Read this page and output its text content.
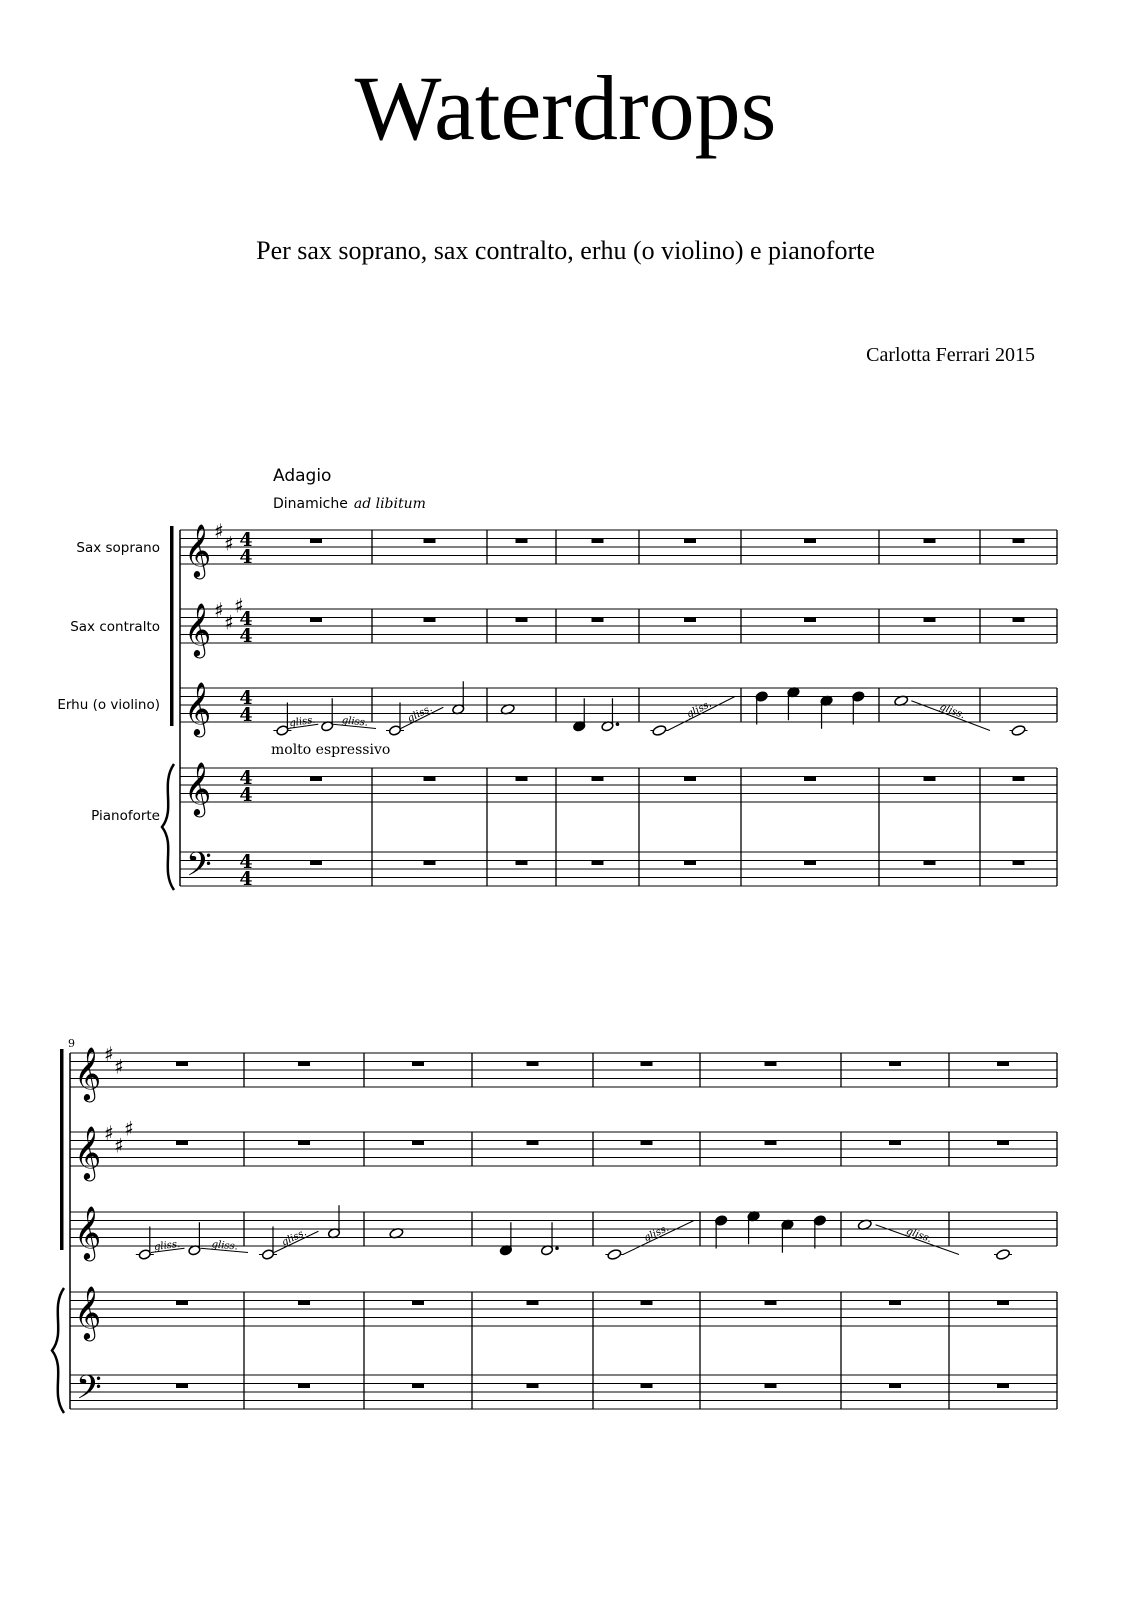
Waterdrops
Per sax soprano, sax contralto, erhu (o violino) e pianoforte
Carlotta Ferrari 2015
Adagio
Dinamiche ad libitum
molto espressivo
Sax soprano
Sax contralto
Erhu (o violino)
Pianoforte
𝄞
𝄞
𝄞
𝄞
𝄢
♯
♯
♯
♯
♯
4
4
4
4
4
4
4
4
4
4
gliss. gliss.	gliss.	gliss.	gliss.
𝄞
𝄞
𝄞
𝄞
𝄢
♯
♯
♯
♯
♯
gliss.	gliss.	gliss.	gliss.	gliss.
9
